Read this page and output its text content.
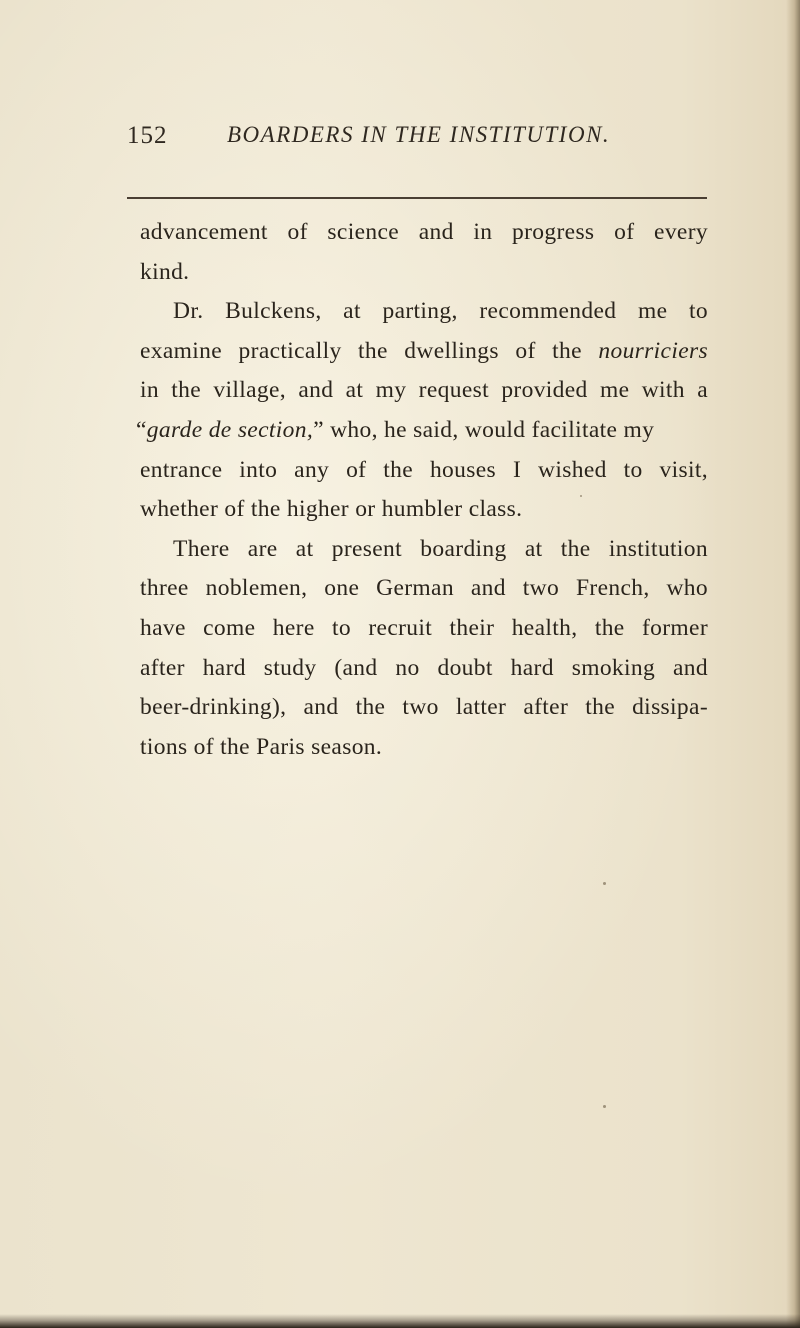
152	BOARDERS IN THE INSTITUTION.
advancement of science and in progress of every
kind.
Dr. Bulckens, at parting, recommended me to
examine practically the dwellings of the nourriciers
in the village, and at my request provided me with a
“garde de section,” who, he said, would facilitate my
entrance into any of the houses I wished to visit,
whether of the higher or humbler class.
There are at present boarding at the institution
three noblemen, one German and two French, who
have come here to recruit their health, the former
after hard study (and no doubt hard smoking and
beer-drinking), and the two latter after the dissipa-
tions of the Paris season.
